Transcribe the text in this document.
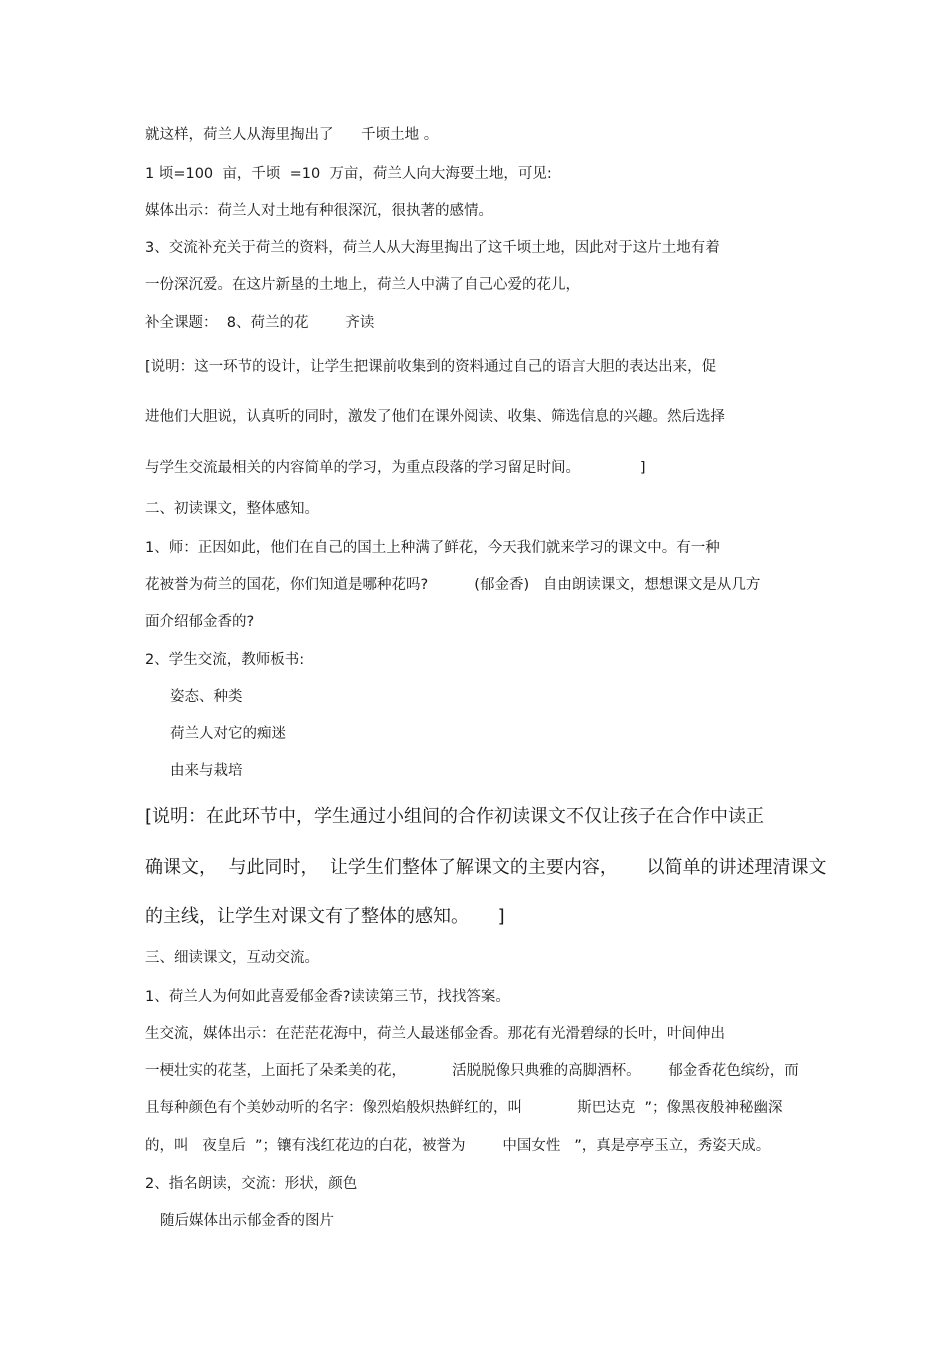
就这样，荷兰人从海里掏出了      千顷土地 。
1 顷=100  亩，千顷  =10  万亩，荷兰人向大海要土地，可见:
媒体出示：荷兰人对土地有种很深沉，很执著的感情。
3、交流补充关于荷兰的资料，荷兰人从大海里掏出了这千顷土地，因此对于这片土地有着
一份深沉爱。在这片新垦的土地上，荷兰人中满了自己心爱的花儿，
补全课题：  8、荷兰的花        齐读
[说明：这一环节的设计，让学生把课前收集到的资料通过自己的语言大胆的表达出来，促
进他们大胆说，认真听的同时，激发了他们在课外阅读、收集、筛选信息的兴趣。然后选择
与学生交流最相关的内容简单的学习，为重点段落的学习留足时间。             ]
二、初读课文，整体感知。
1、师：正因如此，他们在自己的国土上种满了鲜花，今天我们就来学习的课文中。有一种
花被誉为荷兰的国花，你们知道是哪种花吗?          (郁金香)   自由朗读课文，想想课文是从几方
面介绍郁金香的?
2、学生交流，教师板书:
姿态、种类
荷兰人对它的痴迷
由来与栽培
[说明：在此环节中，学生通过小组间的合作初读课文不仅让孩子在合作中读正
确课文，  与此同时，  让学生们整体了解课文的主要内容，     以简单的讲述理清课文
的主线，让学生对课文有了整体的感知。     ]
三、细读课文，互动交流。
1、荷兰人为何如此喜爱郁金香?读读第三节，找找答案。
生交流，媒体出示：在茫茫花海中，荷兰人最迷郁金香。那花有光滑碧绿的长叶，叶间伸出
一梗壮实的花茎，上面托了朵柔美的花，          活脱脱像只典雅的高脚酒杯。      郁金香花色缤纷，而
且每种颜色有个美妙动听的名字：像烈焰般炽热鲜红的，叫            斯巴达克  ”；像黑夜般神秘幽深
的，叫   夜皇后  ”；镶有浅红花边的白花，被誉为        中国女性   ”，真是亭亭玉立，秀姿天成。
2、指名朗读，交流：形状，颜色
随后媒体出示郁金香的图片
